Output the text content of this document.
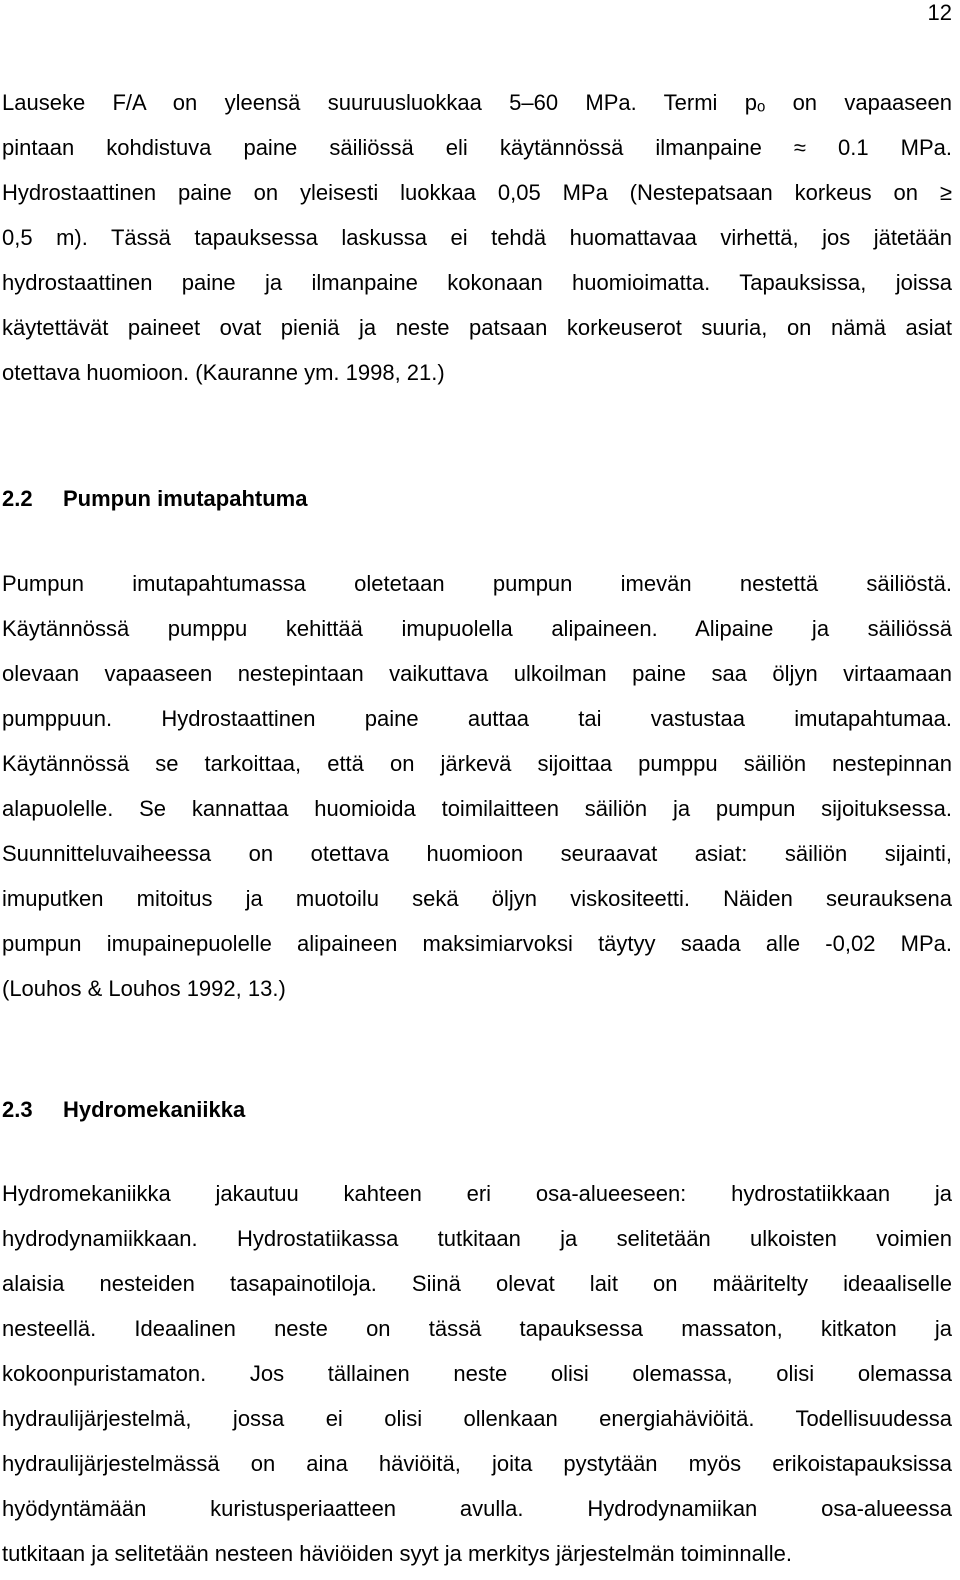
12
Lauseke F/A on yleensä suuruusluokkaa 5–60 MPa. Termi pₒ on vapaaseen
pintaan kohdistuva paine säiliössä eli käytännössä ilmanpaine ≈ 0.1 MPa.
Hydrostaattinen paine on yleisesti luokkaa 0,05 MPa (Nestepatsaan korkeus on ≥
0,5 m). Tässä tapauksessa laskussa ei tehdä huomattavaa virhettä, jos jätetään
hydrostaattinen paine ja ilmanpaine kokonaan huomioimatta. Tapauksissa, joissa
käytettävät paineet ovat pieniä ja neste patsaan korkeuserot suuria, on nämä asiat
otettava huomioon. (Kauranne ym. 1998, 21.)
2.2 Pumpun imutapahtuma
Pumpun imutapahtumassa oletetaan pumpun imevän nestettä säiliöstä.
Käytännössä pumppu kehittää imupuolella alipaineen. Alipaine ja säiliössä
olevaan vapaaseen nestepintaan vaikuttava ulkoilman paine saa öljyn virtaamaan
pumppuun. Hydrostaattinen paine auttaa tai vastustaa imutapahtumaa.
Käytännössä se tarkoittaa, että on järkevä sijoittaa pumppu säiliön nestepinnan
alapuolelle. Se kannattaa huomioida toimilaitteen säiliön ja pumpun sijoituksessa.
Suunnitteluvaiheessa on otettava huomioon seuraavat asiat: säiliön sijainti,
imuputken mitoitus ja muotoilu sekä öljyn viskositeetti. Näiden seurauksena
pumpun imupainepuolelle alipaineen maksimiarvoksi täytyy saada alle -0,02 MPa.
(Louhos & Louhos 1992, 13.)
2.3 Hydromekaniikka
Hydromekaniikka jakautuu kahteen eri osa-alueeseen: hydrostatiikkaan ja
hydrodynamiikkaan. Hydrostatiikassa tutkitaan ja selitetään ulkoisten voimien
alaisia nesteiden tasapainotiloja. Siinä olevat lait on määritelty ideaaliselle
nesteellä. Ideaalinen neste on tässä tapauksessa massaton, kitkaton ja
kokoonpuristamaton. Jos tällainen neste olisi olemassa, olisi olemassa
hydraulijärjestelmä, jossa ei olisi ollenkaan energiahäviöitä. Todellisuudessa
hydraulijärjestelmässä on aina häviöitä, joita pystytään myös erikoistapauksissa
hyödyntämään kuristusperiaatteen avulla. Hydrodynamiikan osa-alueessa
tutkitaan ja selitetään nesteen häviöiden syyt ja merkitys järjestelmän toiminnalle.
